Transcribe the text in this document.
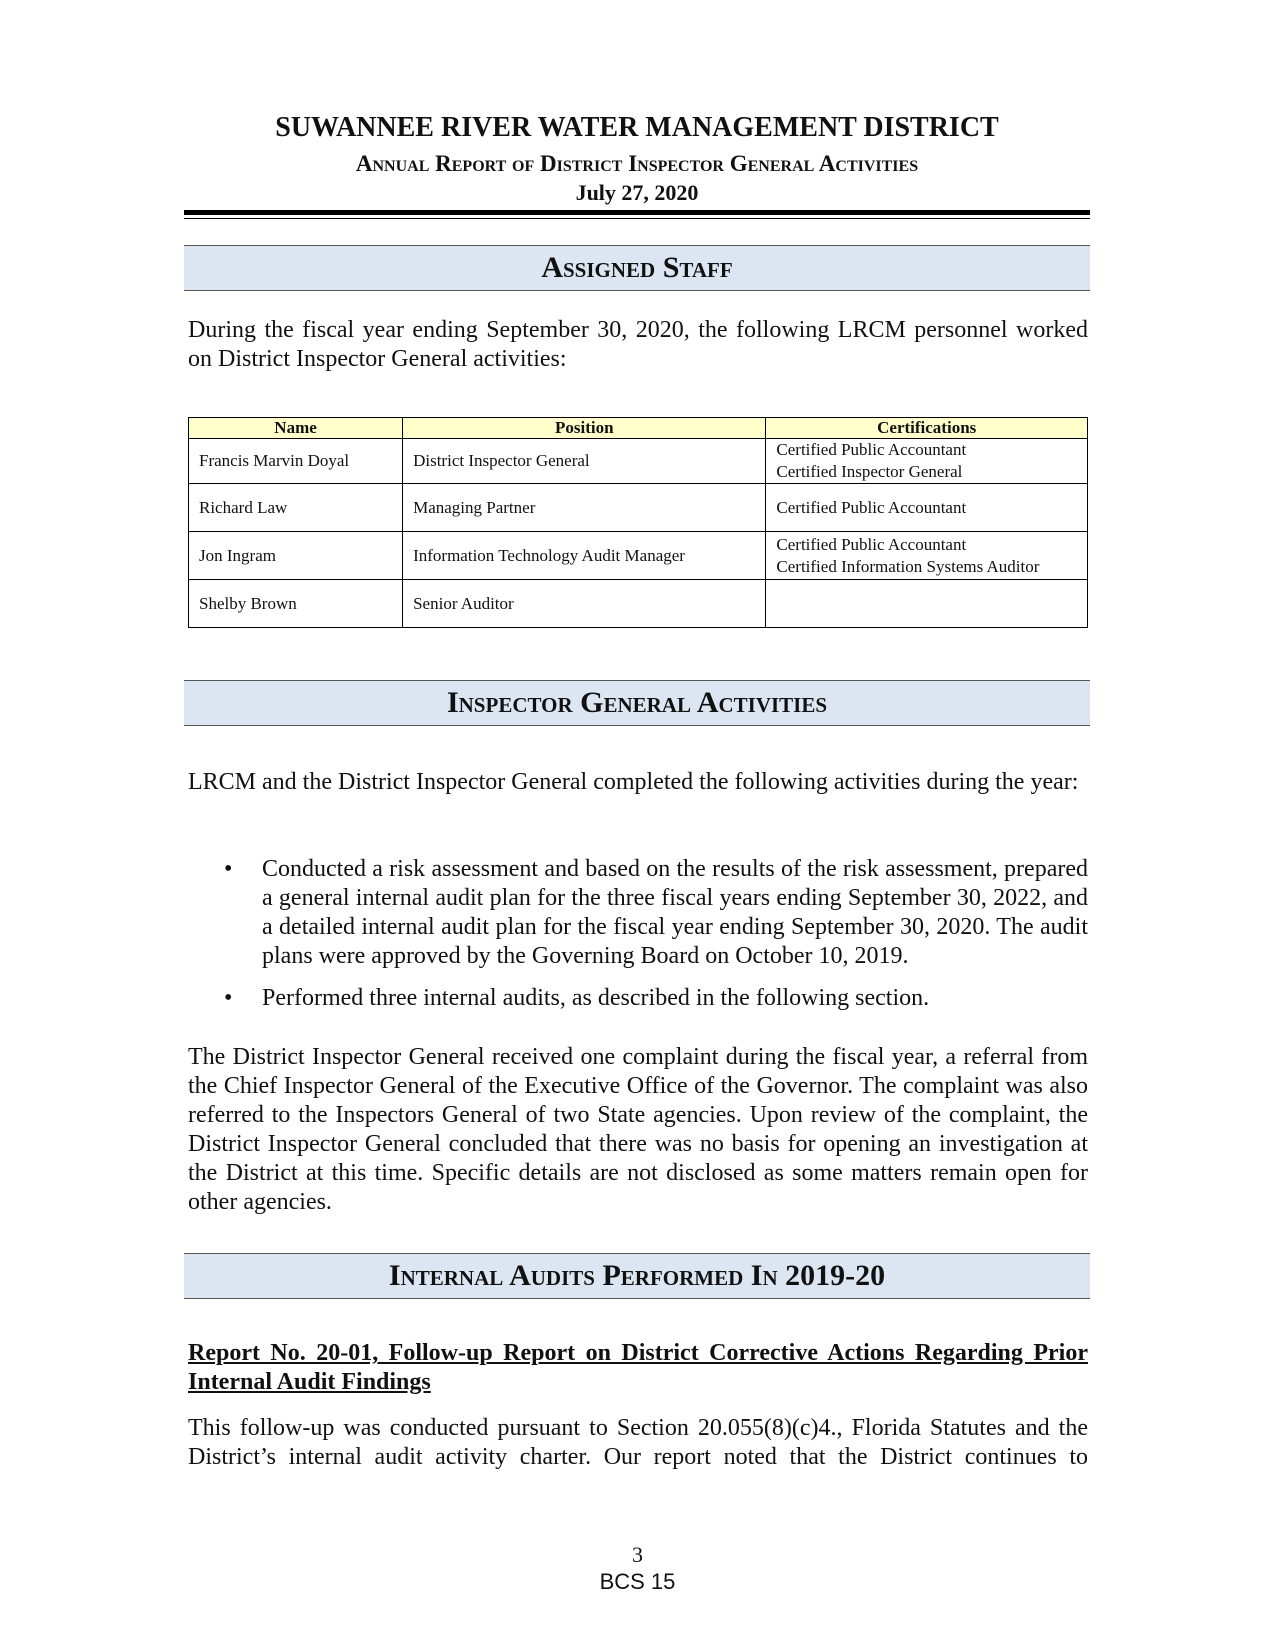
SUWANNEE RIVER WATER MANAGEMENT DISTRICT
Annual Report of District Inspector General Activities
July 27, 2020
Assigned Staff

During the fiscal year ending September 30, 2020, the following LRCM personnel worked on District Inspector General activities:

Name	Position	Certifications
Francis Marvin Doyal	District Inspector General	Certified Public Accountant
Certified Inspector General

Richard Law	Managing Partner	Certified Public Accountant

Jon Ingram	Information Technology Audit Manager	Certified Public Accountant
Certified Information Systems Auditor

Shelby Brown	Senior Auditor	
Inspector General Activities

LRCM and the District Inspector General completed the following activities during the year:

• Conducted a risk assessment and based on the results of the risk assessment, prepared a general internal audit plan for the three fiscal years ending September 30, 2022, and a detailed internal audit plan for the fiscal year ending September 30, 2020. The audit plans were approved by the Governing Board on October 10, 2019.
• Performed three internal audits, as described in the following section.

The District Inspector General received one complaint during the fiscal year, a referral from the Chief Inspector General of the Executive Office of the Governor. The complaint was also referred to the Inspectors General of two State agencies. Upon review of the complaint, the District Inspector General concluded that there was no basis for opening an investigation at the District at this time. Specific details are not disclosed as some matters remain open for other agencies.

Internal Audits Performed In 2019-20

Report No. 20-01, Follow-up Report on District Corrective Actions Regarding Prior Internal Audit Findings

This follow-up was conducted pursuant to Section 20.055(8)(c)4., Florida Statutes and the District’s internal audit activity charter. Our report noted that the District continues to

3
BCS 15
